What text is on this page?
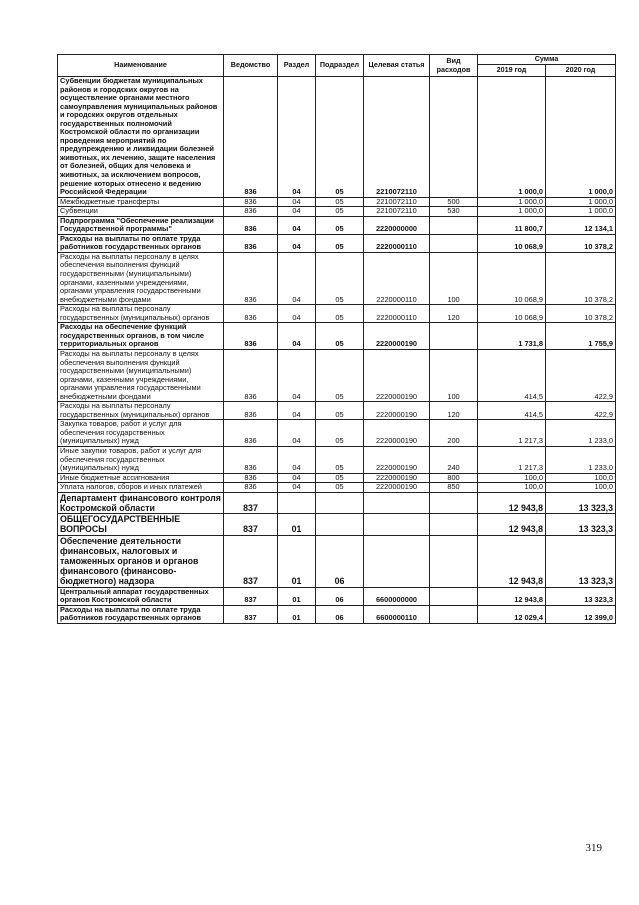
Наименование	Ведомство	Раздел	Подраздел	Целевая статья	Вид расходов	Сумма	
						2019 год	2020 год
Субвенции бюджетам муниципальных районов и городских округов на осуществление органами местного самоуправления муниципальных районов и городских округов отдельных государственных полномочий Костромской области по организации проведения мероприятий по предупреждению и ликвидации болезней животных, их лечению, защите населения от болезней, общих для человека и животных, за исключением вопросов, решение которых отнесено к ведению Российской Федерации	836	04	05	2210072110		1 000,0	1 000,0
Межбюджетные трансферты	836	04	05	2210072110	500	1 000,0	1 000,0
Субвенции	836	04	05	2210072110	530	1 000,0	1 000,0
Подпрограмма "Обеспечение реализации Государственной программы"	836	04	05	2220000000		11 800,7	12 134,1
Расходы на выплаты по оплате труда работников государственных органов	836	04	05	2220000110		10 068,9	10 378,2
Расходы на выплаты персоналу в целях обеспечения выполнения функций государственными (муниципальными) органами, казенными учреждениями, органами управления государственными внебюджетными фондами	836	04	05	2220000110	100	10 068,9	10 378,2
Расходы на выплаты персоналу государственных (муниципальных) органов	836	04	05	2220000110	120	10 068,9	10 378,2
Расходы на обеспечение функций государственных органов, в том числе территориальных органов	836	04	05	2220000190		1 731,8	1 755,9
Расходы на выплаты персоналу в целях обеспечения выполнения функций государственными (муниципальными) органами, казенными учреждениями, органами управления государственными внебюджетными фондами	836	04	05	2220000190	100	414,5	422,9
Расходы на выплаты персоналу государственных (муниципальных) органов	836	04	05	2220000190	120	414,5	422,9
Закупка товаров, работ и услуг для обеспечения государственных (муниципальных) нужд	836	04	05	2220000190	200	1 217,3	1 233,0
Иные закупки товаров, работ и услуг для обеспечения государственных (муниципальных) нужд	836	04	05	2220000190	240	1 217,3	1 233,0
Иные бюджетные ассигнования	836	04	05	2220000190	800	100,0	100,0
Уплата налогов, сборов и иных платежей	836	04	05	2220000190	850	100,0	100,0
Департамент финансового контроля Костромской области	837					12 943,8	13 323,3
ОБЩЕГОСУДАРСТВЕННЫЕ ВОПРОСЫ	837	01				12 943,8	13 323,3
Обеспечение деятельности финансовых, налоговых и таможенных органов и органов финансового (финансово-бюджетного) надзора	837	01	06			12 943,8	13 323,3
Центральный аппарат государственных органов Костромской области	837	01	06	6600000000		12 943,8	13 323,3
Расходы на выплаты по оплате труда работников государственных органов	837	01	06	6600000110		12 029,4	12 399,0
319
